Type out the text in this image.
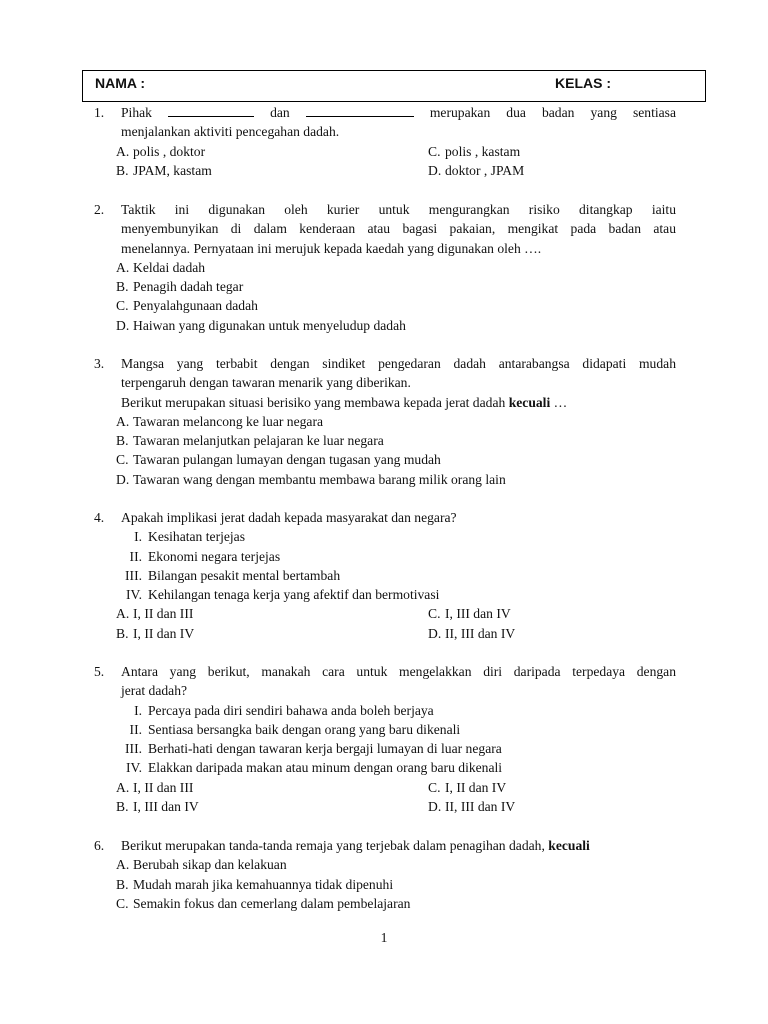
NAMA :	KELAS :
1. Pihak	dan	merupakan dua badan yang sentiasa
menjalankan aktiviti pencegahan dadah.
A. polis , doktor	C. polis , kastam
B. JPAM, kastam	D. doktor , JPAM
2. Taktik ini digunakan oleh kurier untuk mengurangkan risiko ditangkap iaitu
menyembunyikan di dalam kenderaan atau bagasi pakaian, mengikat pada badan atau
menelannya. Pernyataan ini merujuk kepada kaedah yang digunakan oleh ….
A. Keldai dadah
B. Penagih dadah tegar
C. Penyalahgunaan dadah
D. Haiwan yang digunakan untuk menyeludup dadah
3. Mangsa yang terbabit dengan sindiket pengedaran dadah antarabangsa didapati mudah
terpengaruh dengan tawaran menarik yang diberikan.
Berikut merupakan situasi berisiko yang membawa kepada jerat dadah kecuali …
A. Tawaran melancong ke luar negara
B. Tawaran melanjutkan pelajaran ke luar negara
C. Tawaran pulangan lumayan dengan tugasan yang mudah
D. Tawaran wang dengan membantu membawa barang milik orang lain
4. Apakah implikasi jerat dadah kepada masyarakat dan negara?
I. Kesihatan terjejas
II. Ekonomi negara terjejas
III. Bilangan pesakit mental bertambah
IV. Kehilangan tenaga kerja yang afektif dan bermotivasi
A. I, II dan III	C. I, III dan IV
B. I, II dan IV	D. II, III dan IV
5. Antara yang berikut, manakah cara untuk mengelakkan diri daripada terpedaya dengan
jerat dadah?
I. Percaya pada diri sendiri bahawa anda boleh berjaya
II. Sentiasa bersangka baik dengan orang yang baru dikenali
III. Berhati-hati dengan tawaran kerja bergaji lumayan di luar negara
IV. Elakkan daripada makan atau minum dengan orang baru dikenali
A. I, II dan III	C. I, II dan IV
B. I, III dan IV	D. II, III dan IV
6. Berikut merupakan tanda-tanda remaja yang terjebak dalam penagihan dadah, kecuali
A. Berubah sikap dan kelakuan
B. Mudah marah jika kemahuannya tidak dipenuhi
C. Semakin fokus dan cemerlang dalam pembelajaran
1
